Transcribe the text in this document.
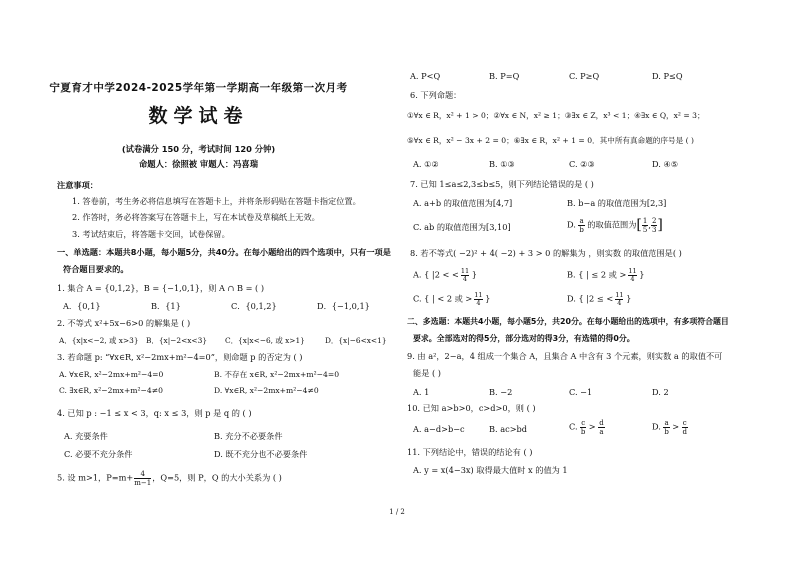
宁夏育才中学2024-2025学年第一学期高一年级第一次月考
数学试卷
(试卷满分 150 分，考试时间 120 分钟)
命题人：徐照被 审题人：冯喜瑞
注意事项：
1. 答卷前，考生务必将信息填写在答题卡上，并将条形码贴在答题卡指定位置。
2. 作答时，务必将答案写在答题卡上，写在本试卷及草稿纸上无效。
3. 考试结束后，将答题卡交回，试卷保留。
一、单选题：本题共8小题，每小题5分，共40分。在每小题给出的四个选项中，只有一项是
符合题目要求的。
1. 集合 A = {0,1,2}，B = {−1,0,1}，则 A ∩ B = ( )
A．{0,1}	B．{1}	C．{0,1,2}	D．{−1,0,1}
2. 不等式 x²+5x−6>0 的解集是 ( )
A．{x|x<−2, 或 x>3} B．{x|−2<x<3} C．{x|x<−6, 或 x>1}	D．{x|−6<x<1}
3. 若命题 p: “∀x∈R, x²−2mx+m²−4=0”，则命题 p 的否定为 ( )
A. ∀x∈R, x²−2mx+m²−4=0	B. 不存在 x∈R, x²−2mx+m²−4=0
C. ∃x∈R, x²−2mx+m²−4≠0	D. ∀x∈R, x²−2mx+m²−4≠0
4. 已知 p : −1 ≤ x < 3，q: x ≤ 3，则 p 是 q 的 ( )
A. 充要条件	B. 充分不必要条件
C. 必要不充分条件	D. 既不充分也不必要条件
5. 设 m>1，$P=m+ \frac{4}{m-1}$ ，Q=5，则 P，Q 的大小关系为 ( )
A. P<Q	B. P=Q	C. P≥Q	D. P≤Q
6. 下列命题：
①∀x ∈ R，x² + 1 > 0；②∀x ∈ N，x² ≥ 1；③∃x ∈ Z，x³ < 1；④∃x ∈ Q，x² = 3；
⑤∀x ∈ R，x² − 3x + 2 = 0；⑥∃x ∈ R，x² + 1 = 0．其中所有真命题的序号是 ( )
A. ①②	B. ①③	C. ②③	D. ④⑤
7. 已知 1≤a≤2,3≤b≤5，则下列结论错误的是 ( )
A. a+b 的取值范围为[4,7]	B. b−a 的取值范围为[2,3]
C. ab 的取值范围为[3,10]	D. $\frac{a}{b}$ 的取值范围为[ $\frac{1}{5}$ , $\frac{2}{3}$ ]
8. 若不等式( −2)² + 4( −2) + 3 > 0 的解集为 ，则实数 的取值范围是( )
A. { |2 < < $\frac{11}{4}$ }	B. { | ≤ 2 或 > $\frac{11}{4}$ }
C. { | < 2 或 > $\frac{11}{4}$ }	D. { |2 ≤ < $\frac{11}{4}$ }
二、多选题：本题共4小题，每小题5分，共20分。在每小题给出的选项中，有多项符合题目
要求。全部选对的得5分，部分选对的得3分，有选错的得0分。
9. 由 a²，2−a，4 组成一个集合 A，且集合 A 中含有 3 个元素，则实数 a 的取值不可
能是 ( )
A. 1	B. −2	C. −1	D. 2
10. 已知 a>b>0，c>d>0，则 ( )
A. a−d>b−c	B. ac>bd	C. $\frac{c}{b} > \frac{d}{a}$	D. $\frac{a}{b} > \frac{c}{d}$
11. 下列结论中，错误的结论有 ( )
A. y = x(4−3x) 取得最大值时 x 的值为 1
1 / 2
